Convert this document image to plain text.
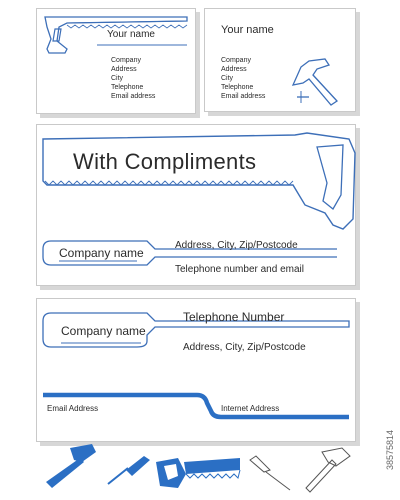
Your name
Company
Address
City
Telephone
Email address
Your name
Company
Address
City
Telephone
Email address
With Compliments
Company name
Address, City, Zip/Postcode
Telephone number and email
Company name
Telephone Number
Address, City, Zip/Postcode
Email Address	Internet Address
38575814
